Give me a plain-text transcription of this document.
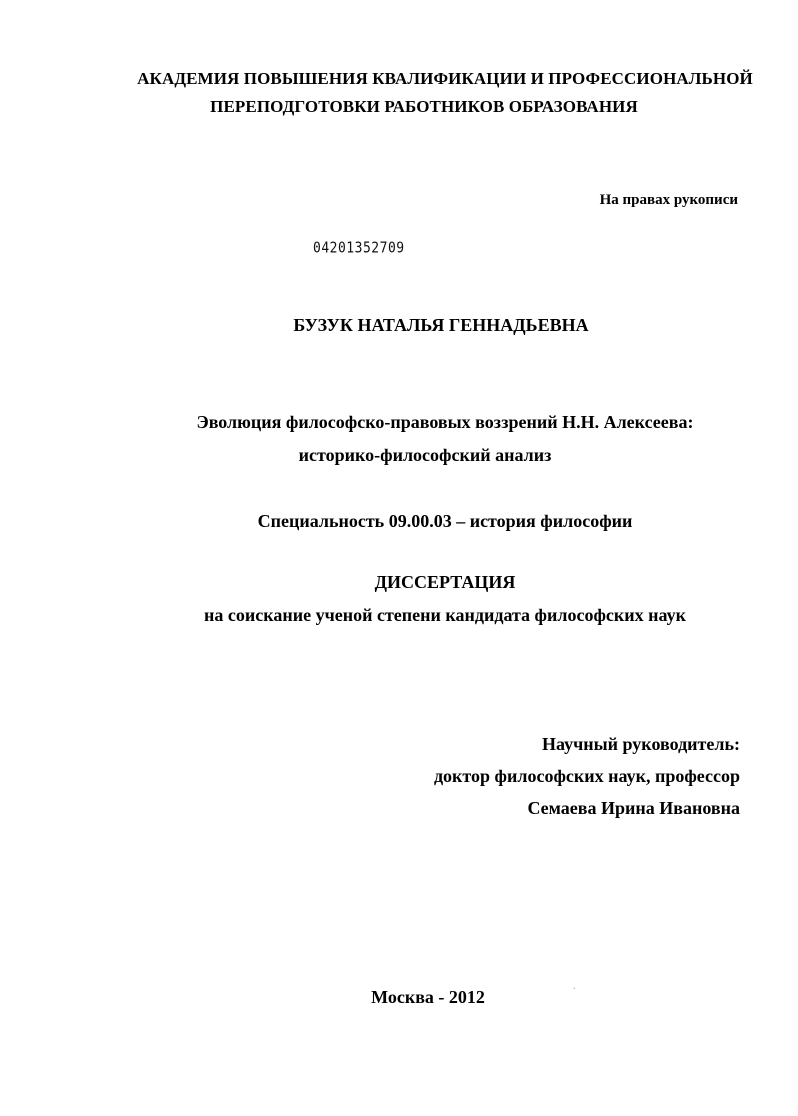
АКАДЕМИЯ ПОВЫШЕНИЯ КВАЛИФИКАЦИИ И ПРОФЕССИОНАЛЬНОЙ
ПЕРЕПОДГОТОВКИ РАБОТНИКОВ ОБРАЗОВАНИЯ
На правах рукописи
04201352709
БУЗУК НАТАЛЬЯ ГЕННАДЬЕВНА
Эволюция философско-правовых воззрений Н.Н. Алексеева:
историко-философский анализ
Специальность 09.00.03 – история философии
ДИССЕРТАЦИЯ
на соискание ученой степени кандидата философских наук
Научный руководитель:
доктор философских наук, профессор
Семаева Ирина Ивановна
Москва - 2012
ˏ
